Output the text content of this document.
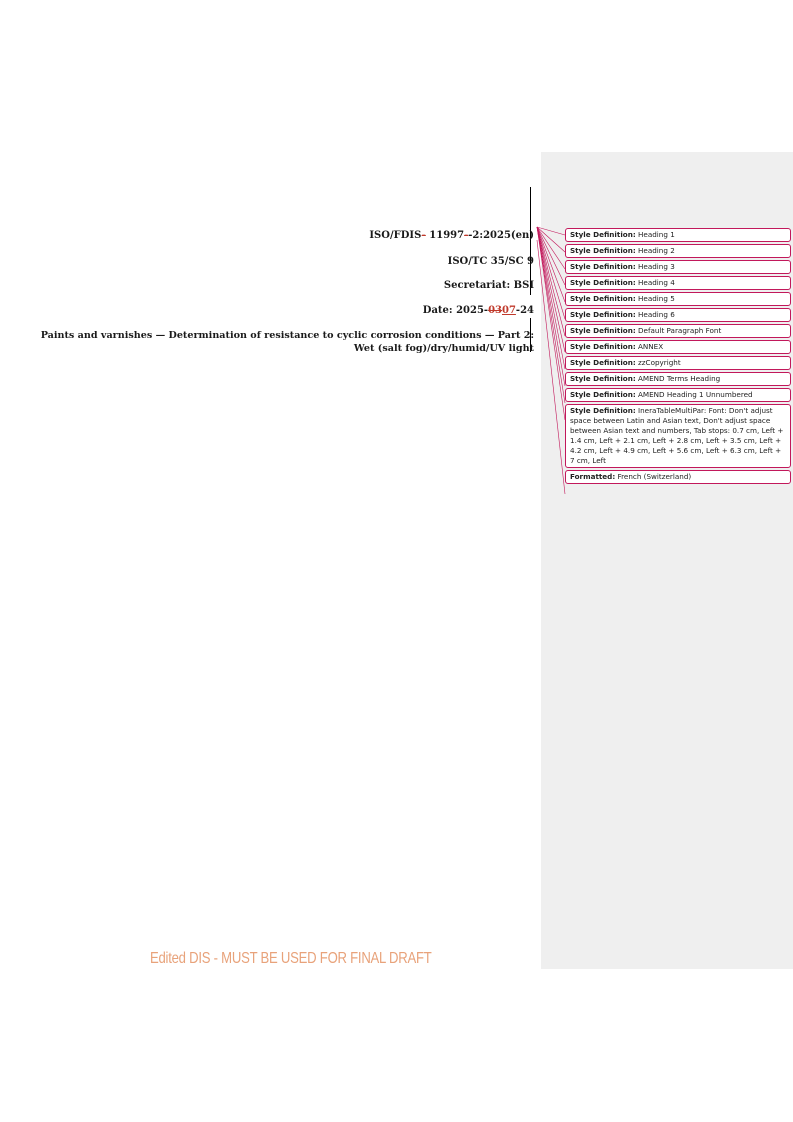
ISO/FDIS- 11997--2:2025(en)
ISO/TC 35/SC 9
Secretariat: BSI
Date: 2025-0307-24
Paints and varnishes — Determination of resistance to cyclic corrosion conditions — Part 2:
Wet (salt fog)/dry/humid/UV light
Style Definition: Heading 1
Style Definition: Heading 2
Style Definition: Heading 3
Style Definition: Heading 4
Style Definition: Heading 5
Style Definition: Heading 6
Style Definition: Default Paragraph Font
Style Definition: ANNEX
Style Definition: zzCopyright
Style Definition: AMEND Terms Heading
Style Definition: AMEND Heading 1 Unnumbered
Style Definition: InerаTableMultiPar: Font: Don't adjust space between Latin and Asian text, Don't adjust space between Asian text and numbers, Tab stops: 0.7 cm, Left + 1.4 cm, Left + 2.1 cm, Left + 2.8 cm, Left + 3.5 cm, Left + 4.2 cm, Left + 4.9 cm, Left + 5.6 cm, Left + 6.3 cm, Left + 7 cm, Left
Formatted: French (Switzerland)
Edited DIS - MUST BE USED FOR FINAL DRAFT
